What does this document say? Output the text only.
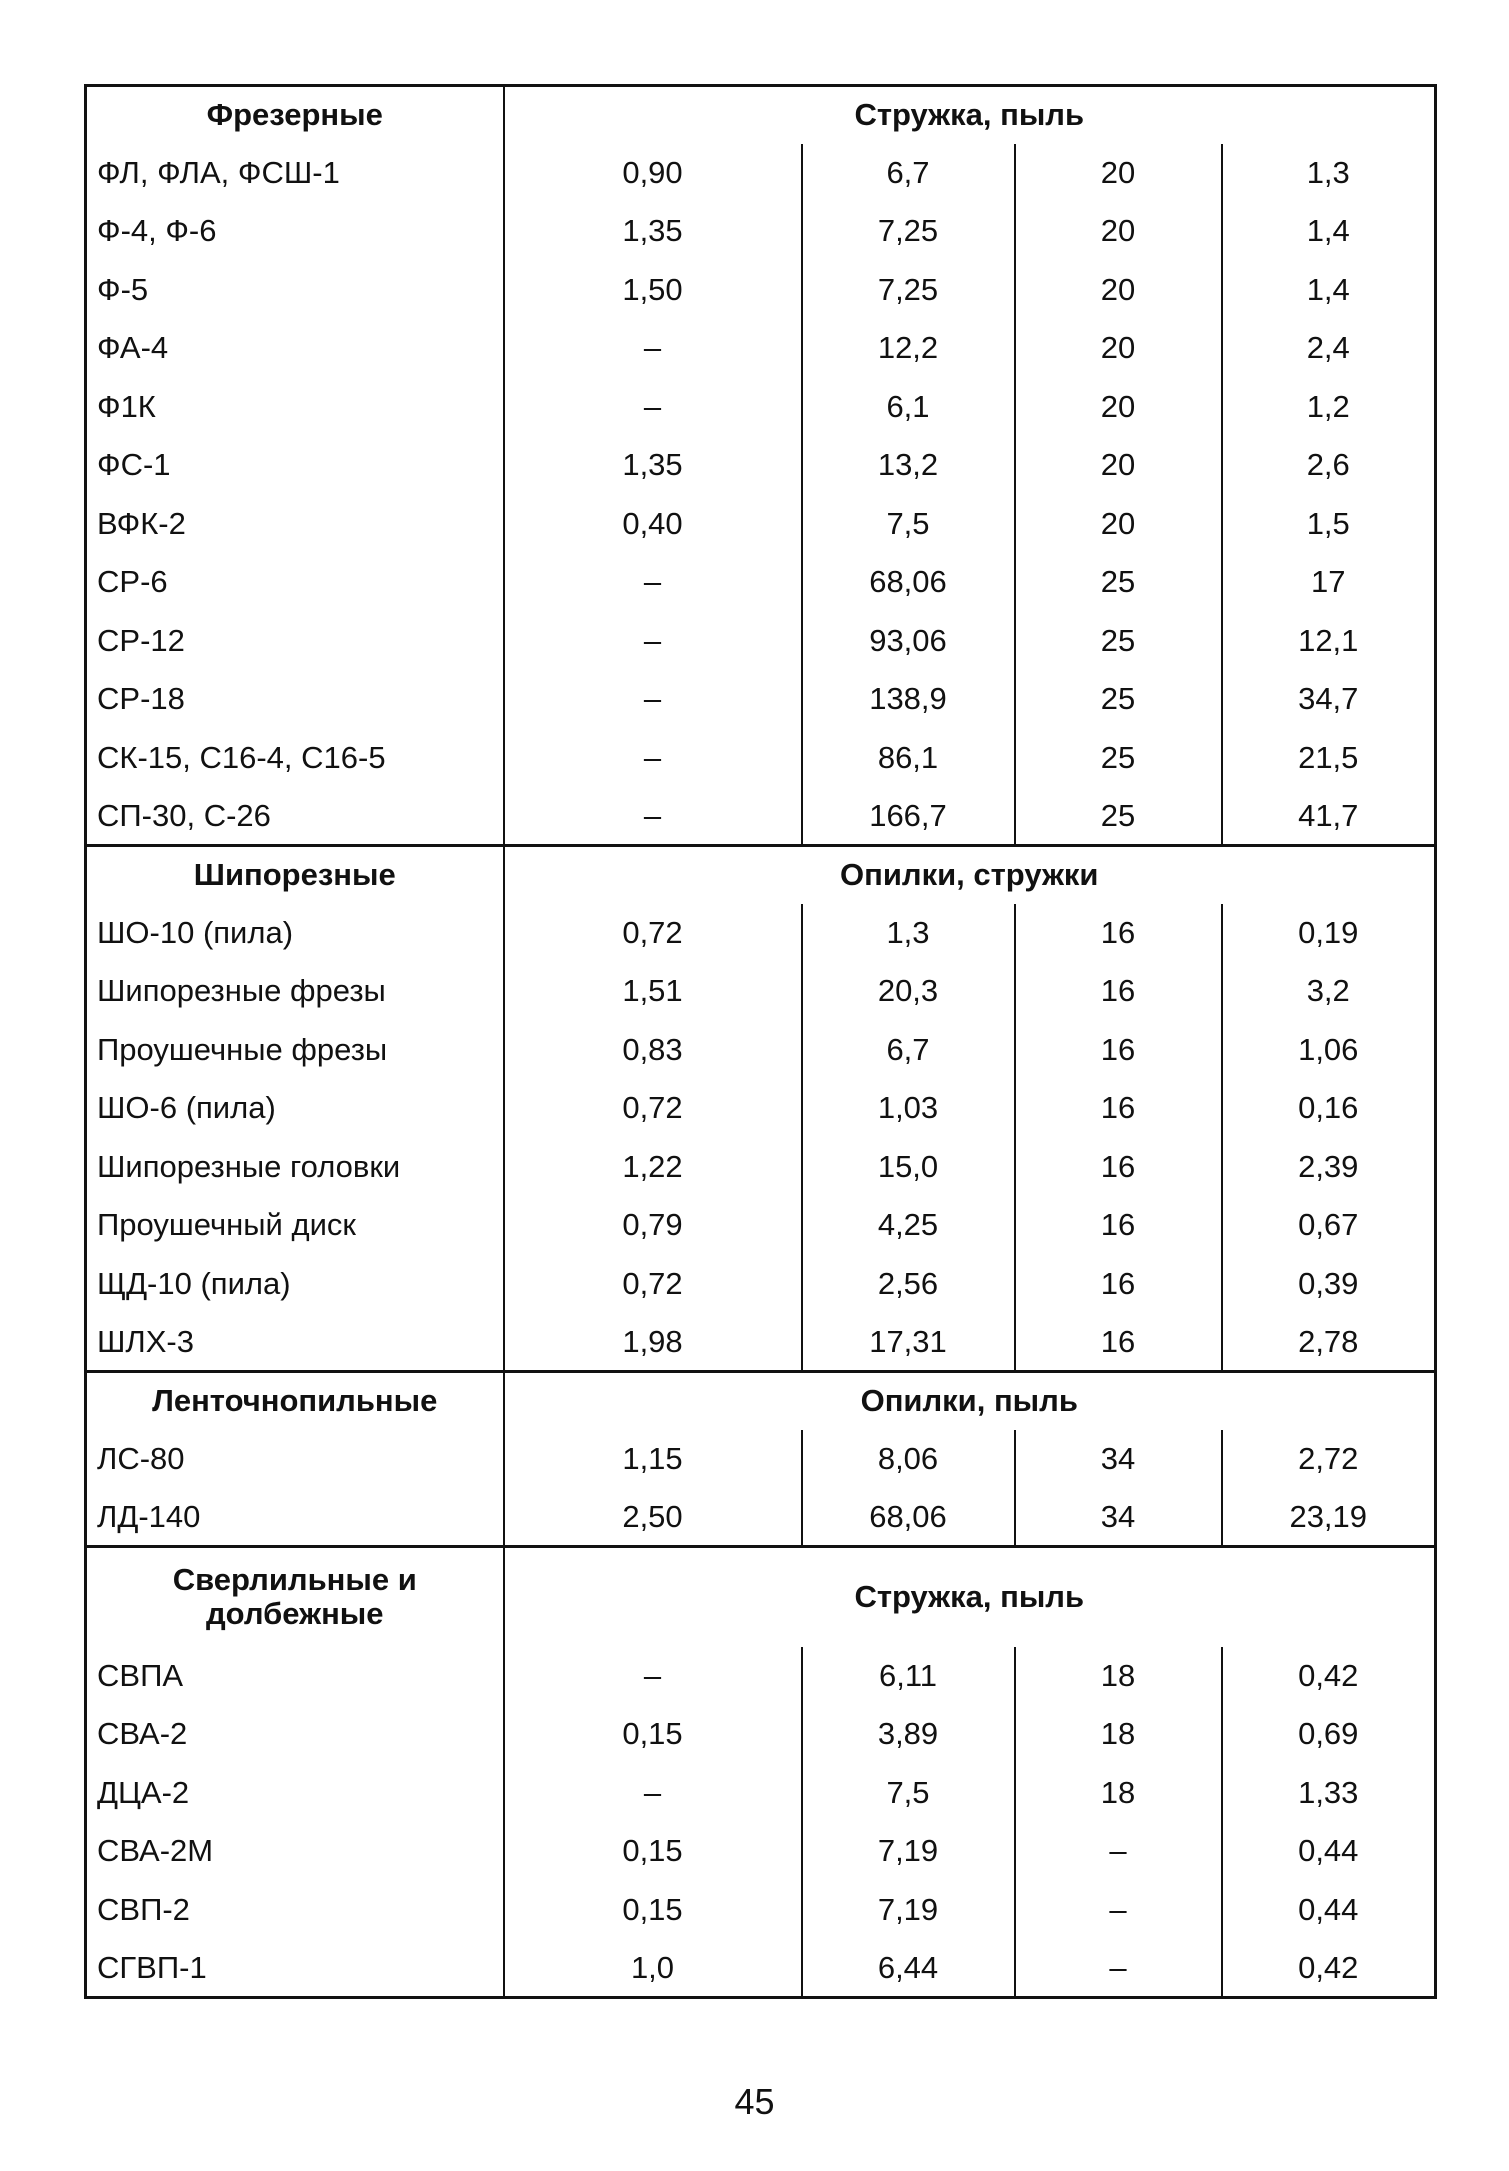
Фрезерные	Стружка, пыль			
ФЛ, ФЛА, ФСШ-1	0,90	6,7	20	1,3
Ф-4, Ф-6	1,35	7,25	20	1,4
Ф-5	1,50	7,25	20	1,4
ФА-4	–	12,2	20	2,4
Ф1К	–	6,1	20	1,2
ФС-1	1,35	13,2	20	2,6
ВФК-2	0,40	7,5	20	1,5
СР-6	–	68,06	25	17
СР-12	–	93,06	25	12,1
СР-18	–	138,9	25	34,7
СК-15, С16-4, С16-5	–	86,1	25	21,5
СП-30, С-26	–	166,7	25	41,7
Шипорезные	Опилки, стружки			
ШО-10 (пила)	0,72	1,3	16	0,19
Шипорезные фрезы	1,51	20,3	16	3,2
Проушечные фрезы	0,83	6,7	16	1,06
ШО-6 (пила)	0,72	1,03	16	0,16
Шипорезные головки	1,22	15,0	16	2,39
Проушечный диск	0,79	4,25	16	0,67
ЩД-10 (пила)	0,72	2,56	16	0,39
ШЛХ-3	1,98	17,31	16	2,78
Ленточнопильные	Опилки, пыль			
ЛС-80	1,15	8,06	34	2,72
ЛД-140	2,50	68,06	34	23,19
Сверлильные и долбежные	Стружка, пыль			
СВПА	–	6,11	18	0,42
СВА-2	0,15	3,89	18	0,69
ДЦА-2	–	7,5	18	1,33
СВА-2М	0,15	7,19	–	0,44
СВП-2	0,15	7,19	–	0,44
СГВП-1	1,0	6,44	–	0,42
45
